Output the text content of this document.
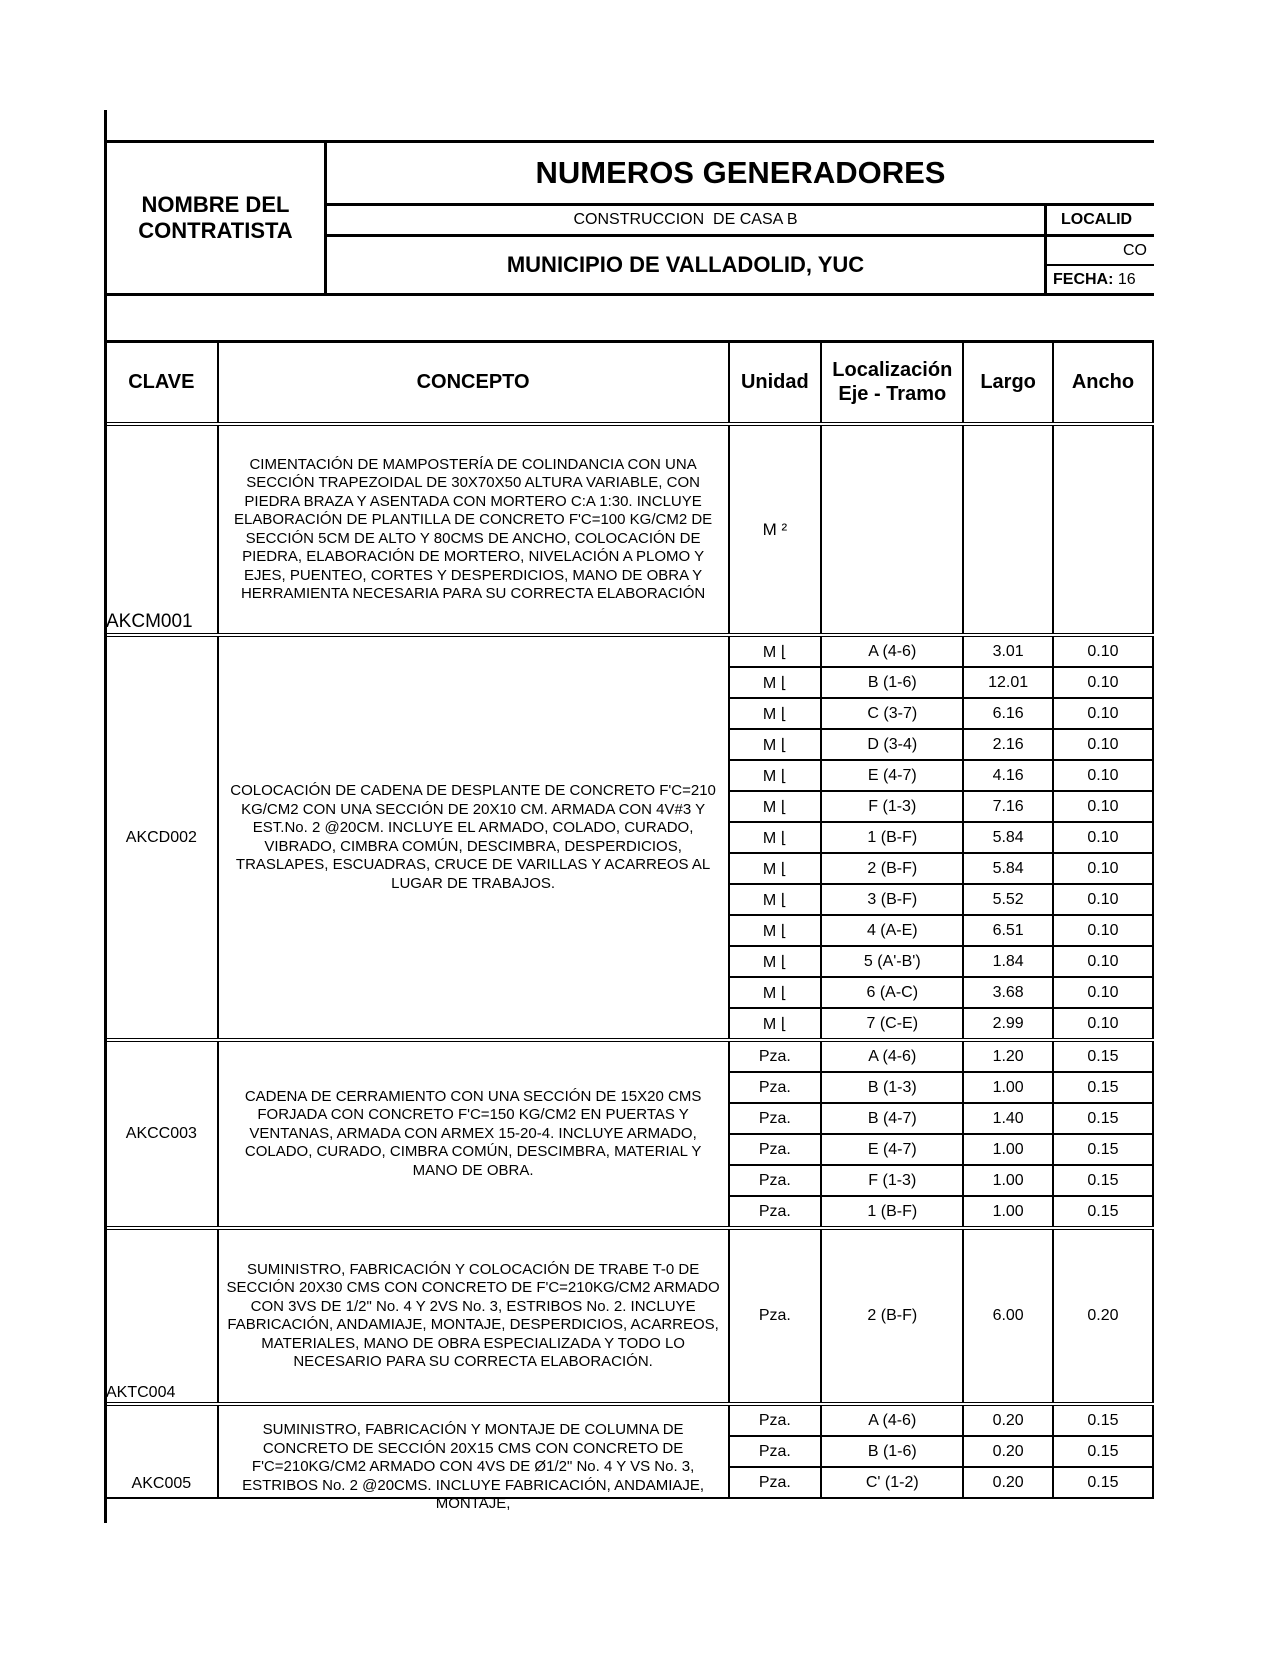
NOMBRE DEL CONTRATISTA
NUMEROS GENERADORES
CONSTRUCCION  DE CASA B	LOCALID
CO
MUNICIPIO DE VALLADOLID, YUC
FECHA: 16
CLAVE	CONCEPTO	Unidad	Localización Eje - Tramo	Largo	Ancho
AKCM001	CIMENTACIÓN DE MAMPOSTERÍA DE COLINDANCIA CON UNA SECCIÓN TRAPEZOIDAL DE 30X70X50 ALTURA VARIABLE, CON PIEDRA BRAZA Y ASENTADA CON MORTERO C:A 1:30. INCLUYE ELABORACIÓN DE PLANTILLA DE CONCRETO F'C=100 KG/CM2 DE SECCIÓN 5CM DE ALTO Y 80CMS DE ANCHO, COLOCACIÓN DE PIEDRA, ELABORACIÓN DE MORTERO, NIVELACIÓN A PLOMO Y EJES, PUENTEO, CORTES Y DESPERDICIOS, MANO DE OBRA Y HERRAMIENTA NECESARIA PARA SU CORRECTA ELABORACIÓN	M ²			
AKCD002	COLOCACIÓN DE CADENA DE DESPLANTE DE CONCRETO F'C=210 KG/CM2 CON UNA SECCIÓN DE 20X10 CM. ARMADA CON 4V#3 Y EST.No. 2 @20CM. INCLUYE EL ARMADO, COLADO, CURADO, VIBRADO, CIMBRA COMÚN, DESCIMBRA, DESPERDICIOS, TRASLAPES, ESCUADRAS, CRUCE DE VARILLAS Y ACARREOS AL LUGAR DE TRABAJOS.	M ⌊	A (4-6)	3.01	0.10
		M ⌊	B (1-6)	12.01	0.10
		M ⌊	C (3-7)	6.16	0.10
		M ⌊	D (3-4)	2.16	0.10
		M ⌊	E (4-7)	4.16	0.10
		M ⌊	F (1-3)	7.16	0.10
		M ⌊	1 (B-F)	5.84	0.10
		M ⌊	2 (B-F)	5.84	0.10
		M ⌊	3 (B-F)	5.52	0.10
		M ⌊	4 (A-E)	6.51	0.10
		M ⌊	5 (A'-B')	1.84	0.10
		M ⌊	6 (A-C)	3.68	0.10
		M ⌊	7 (C-E)	2.99	0.10
AKCC003	CADENA DE CERRAMIENTO CON UNA SECCIÓN DE 15X20 CMS FORJADA CON CONCRETO F'C=150 KG/CM2 EN PUERTAS Y VENTANAS, ARMADA CON ARMEX 15-20-4. INCLUYE ARMADO, COLADO, CURADO, CIMBRA COMÚN, DESCIMBRA, MATERIAL Y MANO DE OBRA.	Pza.	A (4-6)	1.20	0.15
		Pza.	B (1-3)	1.00	0.15
		Pza.	B (4-7)	1.40	0.15
		Pza.	E (4-7)	1.00	0.15
		Pza.	F (1-3)	1.00	0.15
		Pza.	1 (B-F)	1.00	0.15
AKTC004	SUMINISTRO, FABRICACIÓN Y COLOCACIÓN DE TRABE T-0 DE SECCIÓN 20X30 CMS CON CONCRETO DE F'C=210KG/CM2 ARMADO CON 3VS DE 1/2" No. 4 Y 2VS No. 3, ESTRIBOS No. 2. INCLUYE FABRICACIÓN, ANDAMIAJE, MONTAJE, DESPERDICIOS, ACARREOS, MATERIALES, MANO DE OBRA ESPECIALIZADA Y TODO LO NECESARIO PARA SU CORRECTA ELABORACIÓN.	Pza.	2 (B-F)	6.00	0.20
AKC005	SUMINISTRO, FABRICACIÓN Y MONTAJE DE COLUMNA DE CONCRETO DE SECCIÓN 20X15 CMS CON CONCRETO DE F'C=210KG/CM2 ARMADO CON 4VS DE Ø1/2" No. 4 Y VS No. 3, ESTRIBOS No. 2 @20CMS. INCLUYE FABRICACIÓN, ANDAMIAJE, MONTAJE,	Pza.	A (4-6)	0.20	0.15
		Pza.	B (1-6)	0.20	0.15
		Pza.	C' (1-2)	0.20	0.15
